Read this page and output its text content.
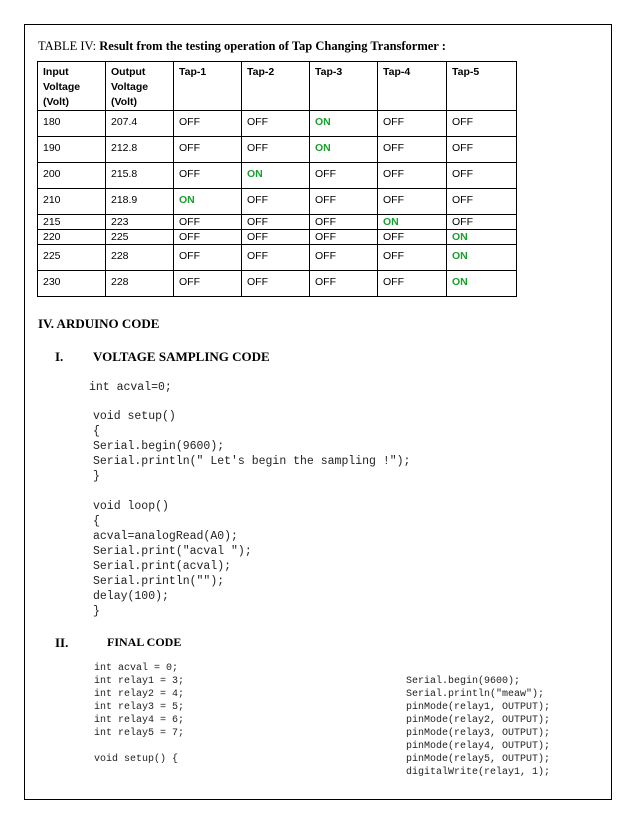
TABLE IV: Result from the testing operation of Tap Changing Transformer :
Input
Voltage
(Volt)	Output
Voltage
(Volt)	Tap-1	Tap-2	Tap-3	Tap-4	Tap-5
180	207.4	OFF	OFF	ON	OFF	OFF
190	212.8	OFF	OFF	ON	OFF	OFF
200	215.8	OFF	ON	OFF	OFF	OFF
210	218.9	ON	OFF	OFF	OFF	OFF
215	223	OFF	OFF	OFF	ON	OFF
220	225	OFF	OFF	OFF	OFF	ON
225	228	OFF	OFF	OFF	OFF	ON
230	228	OFF	OFF	OFF	OFF	ON
IV. ARDUINO CODE
I. VOLTAGE SAMPLING CODE
int acval=0;
void setup()
{
Serial.begin(9600);
Serial.println(" Let's begin the sampling !");
}
void loop()
{
acval=analogRead(A0);
Serial.print("acval ");
Serial.print(acval);
Serial.println("");
delay(100);
}
II.	FINAL CODE
int acval = 0;
int relay1 = 3;
int relay2 = 4;
int relay3 = 5;
int relay4 = 6;
int relay5 = 7;
void setup() {
Serial.begin(9600);
Serial.println("meaw");
pinMode(relay1, OUTPUT);
pinMode(relay2, OUTPUT);
pinMode(relay3, OUTPUT);
pinMode(relay4, OUTPUT);
pinMode(relay5, OUTPUT);
digitalWrite(relay1, 1);
